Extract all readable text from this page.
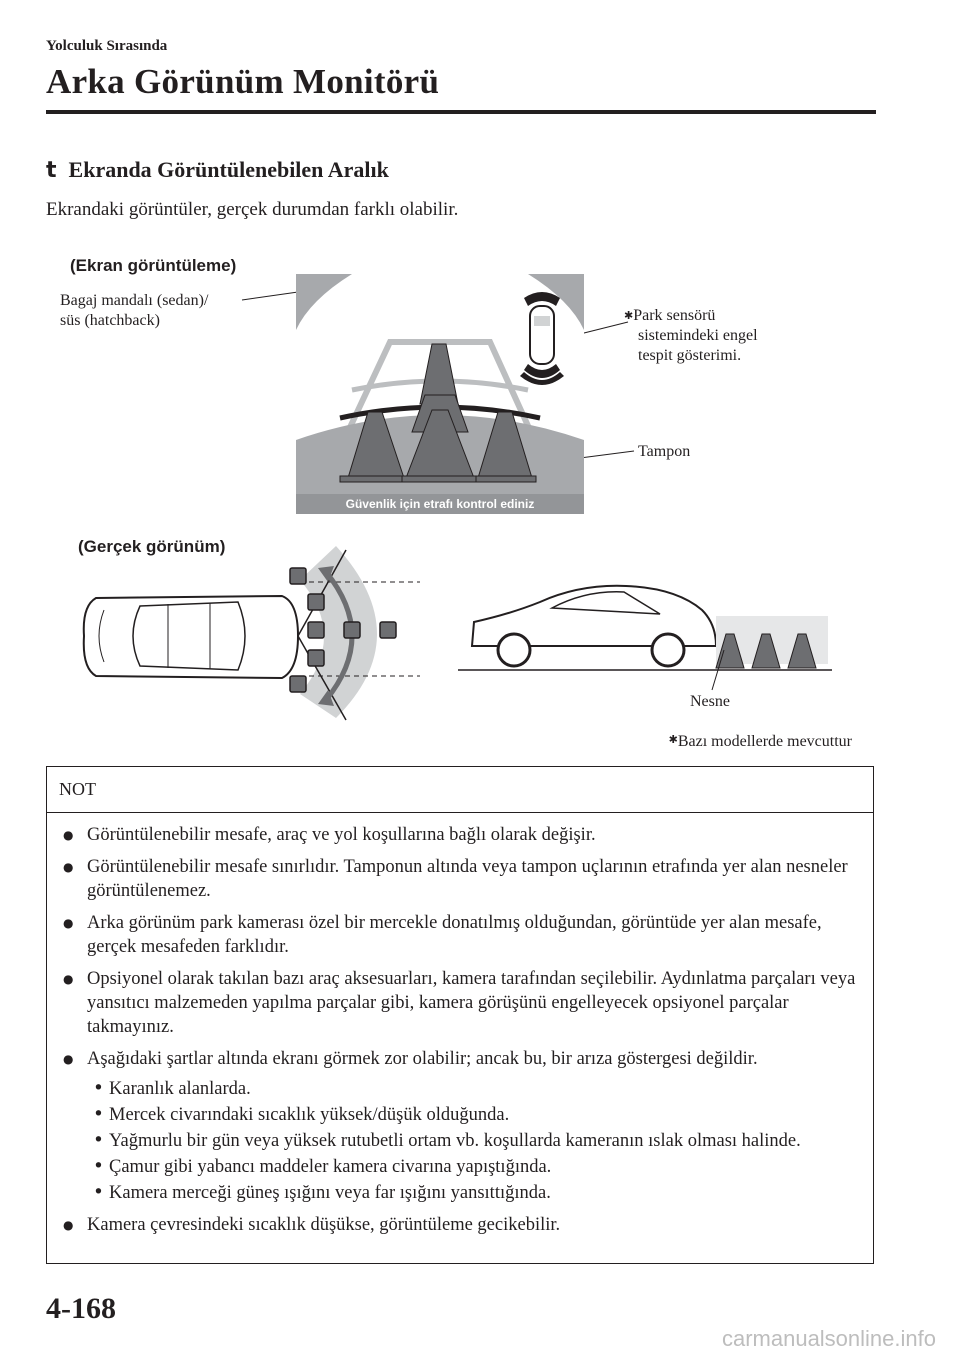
Yolculuk Sırasında
Arka Görünüm Monitörü
t Ekranda Görüntülenebilen Aralık
Ekrandaki görüntüler, gerçek durumdan farklı olabilir.
(Ekran görüntüleme)
Bagaj mandalı (sedan)/
süs (hatchback)
Güvenlik için etrafı kontrol ediniz
✱Park sensörü
sistemindeki engel
tespit gösterimi.
Tampon
(Gerçek görünüm)
Nesne
✱Bazı modellerde mevcuttur
NOT
● Görüntülenebilir mesafe, araç ve yol koşullarına bağlı olarak değişir.
● Görüntülenebilir mesafe sınırlıdır. Tamponun altında veya tampon uçlarının etrafında yer alan nesneler görüntülenemez.
● Arka görünüm park kamerası özel bir mercekle donatılmış olduğundan, görüntüde yer alan mesafe, gerçek mesafeden farklıdır.
● Opsiyonel olarak takılan bazı araç aksesuarları, kamera tarafından seçilebilir. Aydınlatma parçaları veya yansıtıcı malzemeden yapılma parçalar gibi, kamera görüşünü engelleyecek opsiyonel parçalar takmayınız.
● Aşağıdaki şartlar altında ekranı görmek zor olabilir; ancak bu, bir arıza göstergesi değildir.
• Karanlık alanlarda.
• Mercek civarındaki sıcaklık yüksek/düşük olduğunda.
• Yağmurlu bir gün veya yüksek rutubetli ortam vb. koşullarda kameranın ıslak olması halinde.
• Çamur gibi yabancı maddeler kamera civarına yapıştığında.
• Kamera merceği güneş ışığını veya far ışığını yansıttığında.
● Kamera çevresindeki sıcaklık düşükse, görüntüleme gecikebilir.
4-168
carmanualsonline.info
